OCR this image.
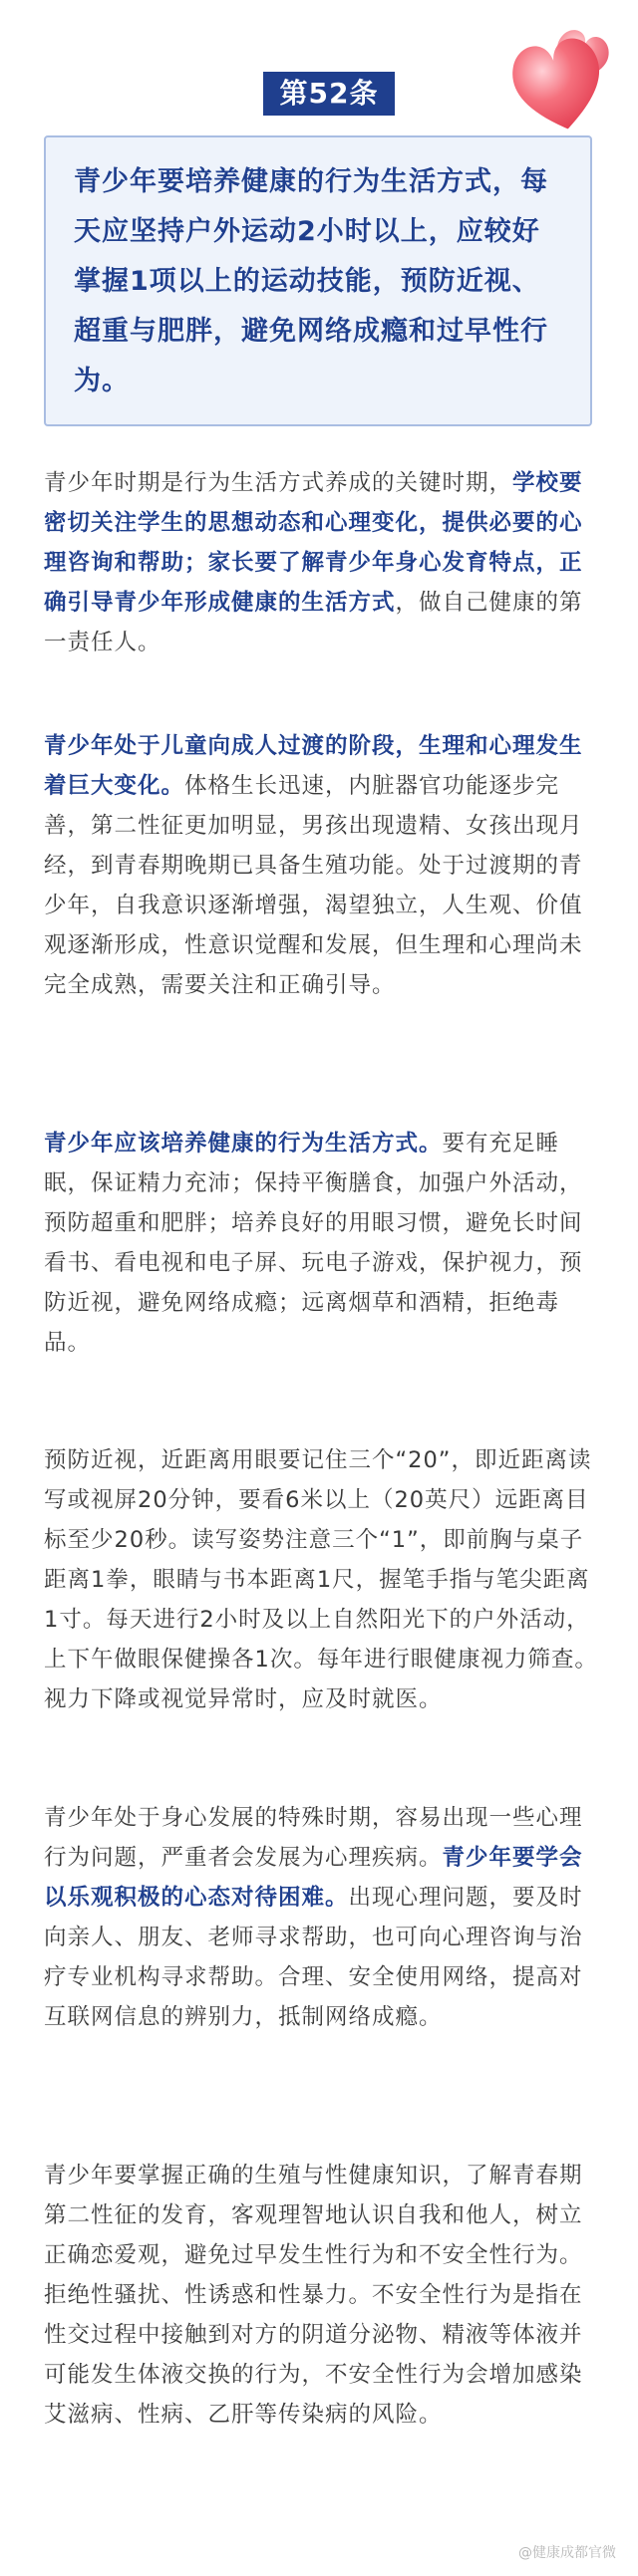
第52条
青少年要培养健康的行为生活方式，每天应坚持户外运动2小时以上，应较好掌握1项以上的运动技能，预防近视、超重与肥胖，避免网络成瘾和过早性行为。

青少年时期是行为生活方式养成的关键时期，学校要密切关注学生的思想动态和心理变化，提供必要的心理咨询和帮助；家长要了解青少年身心发育特点，正确引导青少年形成健康的生活方式，做自己健康的第一责任人。

青少年处于儿童向成人过渡的阶段，生理和心理发生着巨大变化。体格生长迅速，内脏器官功能逐步完善，第二性征更加明显，男孩出现遗精、女孩出现月经，到青春期晚期已具备生殖功能。处于过渡期的青少年，自我意识逐渐增强，渴望独立，人生观、价值观逐渐形成，性意识觉醒和发展，但生理和心理尚未完全成熟，需要关注和正确引导。

青少年应该培养健康的行为生活方式。要有充足睡眠，保证精力充沛；保持平衡膳食，加强户外活动，预防超重和肥胖；培养良好的用眼习惯，避免长时间看书、看电视和电子屏、玩电子游戏，保护视力，预防近视，避免网络成瘾；远离烟草和酒精，拒绝毒品。

预防近视，近距离用眼要记住三个“20”，即近距离读写或视屏20分钟，要看6米以上（20英尺）远距离目标至少20秒。读写姿势注意三个“1”，即前胸与桌子距离1拳，眼睛与书本距离1尺，握笔手指与笔尖距离1寸。每天进行2小时及以上自然阳光下的户外活动，上下午做眼保健操各1次。每年进行眼健康视力筛查。视力下降或视觉异常时，应及时就医。

青少年处于身心发展的特殊时期，容易出现一些心理行为问题，严重者会发展为心理疾病。青少年要学会以乐观积极的心态对待困难。出现心理问题，要及时向亲人、朋友、老师寻求帮助，也可向心理咨询与治疗专业机构寻求帮助。合理、安全使用网络，提高对互联网信息的辨别力，抵制网络成瘾。

青少年要掌握正确的生殖与性健康知识，了解青春期第二性征的发育，客观理智地认识自我和他人，树立正确恋爱观，避免过早发生性行为和不安全性行为。拒绝性骚扰、性诱惑和性暴力。不安全性行为是指在性交过程中接触到对方的阴道分泌物、精液等体液并可能发生体液交换的行为，不安全性行为会增加感染艾滋病、性病、乙肝等传染病的风险。

@健康成都官微
